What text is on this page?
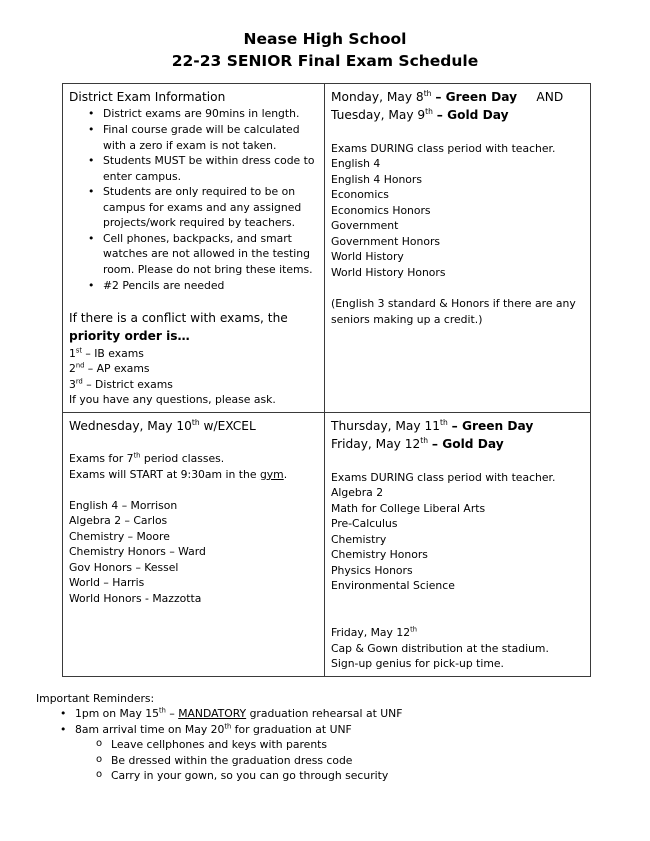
Nease High School
22-23 SENIOR Final Exam Schedule
District Exam Information
• District exams are 90mins in length.
• Final course grade will be calculated with a zero if exam is not taken.
• Students MUST be within dress code to enter campus.
• Students are only required to be on campus for exams and any assigned projects/work required by teachers.
• Cell phones, backpacks, and smart watches are not allowed in the testing room. Please do not bring these items.
• #2 Pencils are needed

If there is a conflict with exams, the
priority order is…
1st – IB exams
2nd – AP exams
3rd – District exams
If you have any questions, please ask.

Monday, May 8th – Green Day     AND
Tuesday, May 9th – Gold Day

Exams DURING class period with teacher.
English 4
English 4 Honors
Economics
Economics Honors
Government
Government Honors
World History
World History Honors

(English 3 standard & Honors if there are any seniors making up a credit.)

Wednesday, May 10th w/EXCEL

Exams for 7th period classes.
Exams will START at 9:30am in the gym.

English 4 – Morrison
Algebra 2 – Carlos
Chemistry – Moore
Chemistry Honors – Ward
Gov Honors – Kessel
World – Harris
World Honors - Mazzotta

Thursday, May 11th – Green Day
Friday, May 12th – Gold Day

Exams DURING class period with teacher.
Algebra 2
Math for College Liberal Arts
Pre-Calculus
Chemistry
Chemistry Honors
Physics Honors
Environmental Science

Friday, May 12th
Cap & Gown distribution at the stadium.
Sign-up genius for pick-up time.
Important Reminders:
• 1pm on May 15th – MANDATORY graduation rehearsal at UNF
• 8am arrival time on May 20th for graduation at UNF
o Leave cellphones and keys with parents
o Be dressed within the graduation dress code
o Carry in your gown, so you can go through security
